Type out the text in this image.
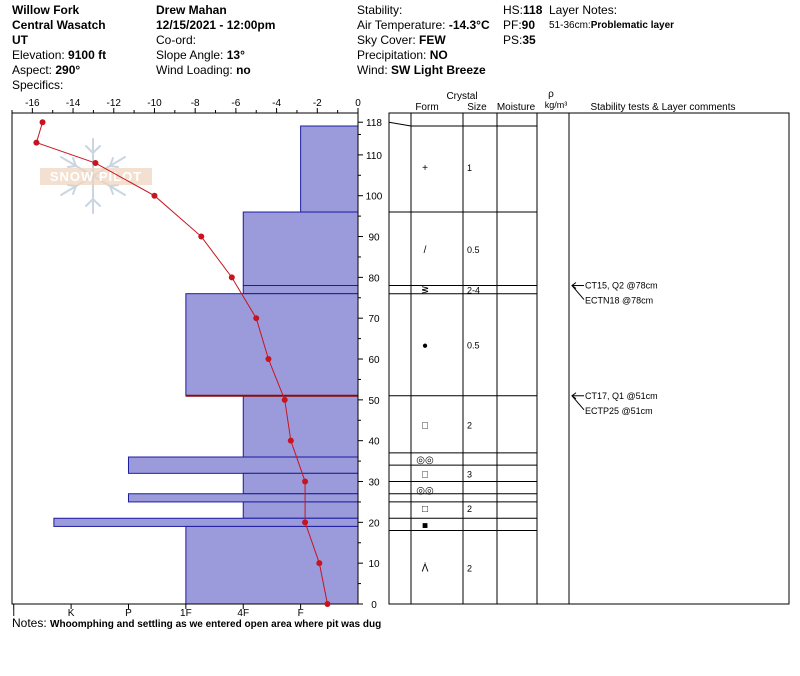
Willow Fork
Central Wasatch
UT
Elevation: 9100 ft
Aspect: 290°
Specifics:
Drew Mahan
12/15/2021 - 12:00pm
Co-ord:
Slope Angle: 13°
Wind Loading: no
Stability:
Air Temperature: -14.3°C
Sky Cover: FEW
Precipitation: NO
Wind: SW Light Breeze
HS:118
PF:90
PS:35
Layer Notes:
51-36cm:Problematic layer
SNOW PILOT
-16	-14	-12	-10	-8	-6	-4	-2	0
I	K	P	1F	4F	F
0
10
20
30
40
50
60
70
80
90
100
110
118
Crystal
Form	Size Moisture
ρ
kg/m³ Stability tests & Layer comments
+	1
/	0.5
ᕒ	2-4
●	0.5
□	2
◎◎
□	3
◎◎
□	2
■
ᐲ	2
CT15, Q2 @78cm
ECTN18 @78cm
CT17, Q1 @51cm
ECTP25 @51cm
Notes: Whoomphing and settling as we entered open area where pit was dug
